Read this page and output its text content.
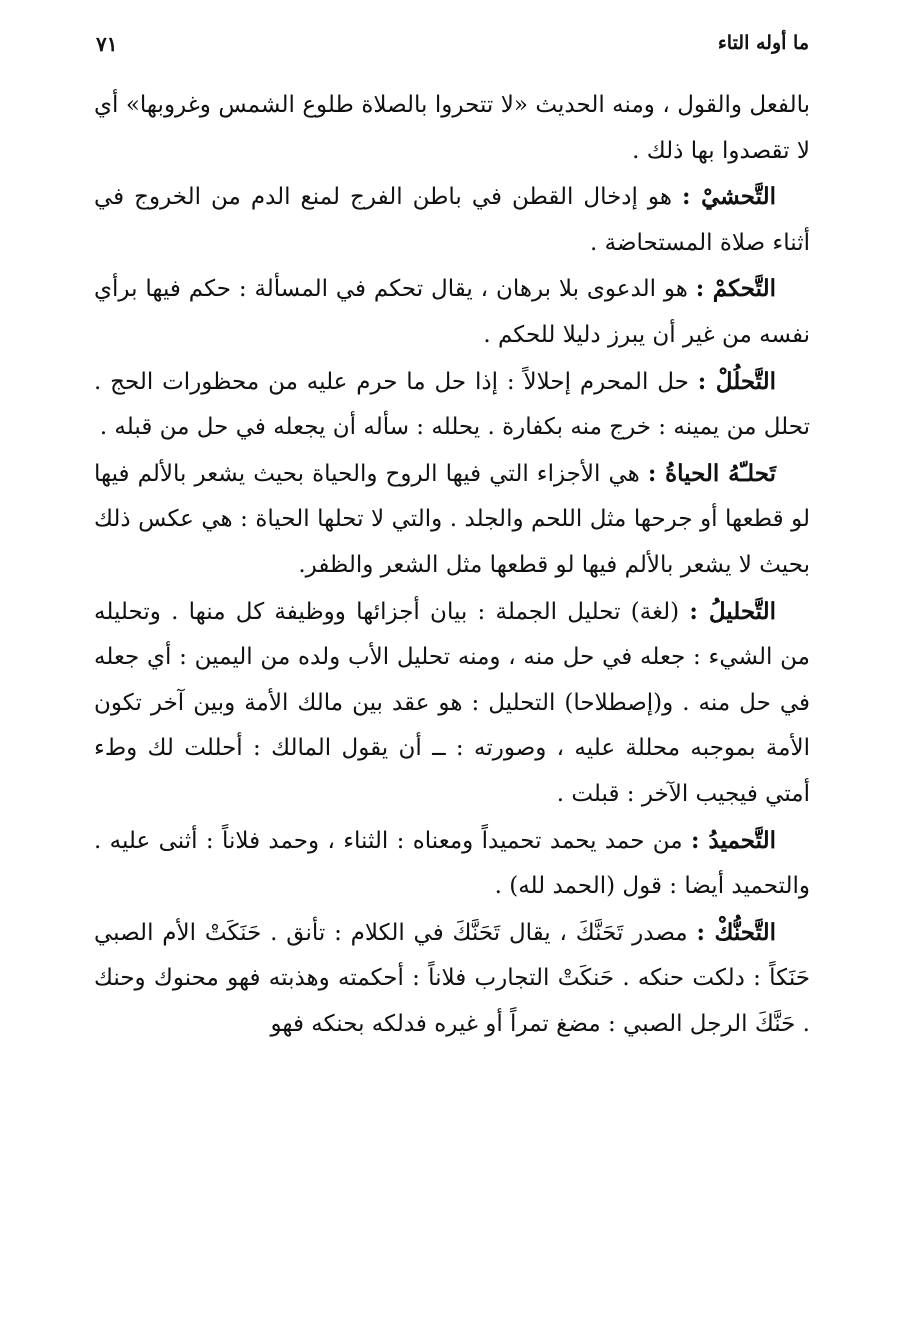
ما أوله التاء
٧١

بالفعل والقول ، ومنه الحديث «لا تتحروا بالصلاة طلوع الشمس وغروبها» أي لا تقصدوا بها ذلك .

التَّحشيْ : هو إدخال القطن في باطن الفرج لمنع الدم من الخروج في أثناء صلاة المستحاضة .

التَّحكمْ : هو الدعوى بلا برهان ، يقال تحكم في المسألة : حكم فيها برأي نفسه من غير أن يبرز دليلا للحكم .

التَّحلُلْ : حل المحرم إحلالاً : إذا حل ما حرم عليه من محظورات الحج . تحلل من يمينه : خرج منه بكفارة . يحلله : سأله أن يجعله في حل من قبله .

تَحلـّهُ الحياةُ : هي الأجزاء التي فيها الروح والحياة بحيث يشعر بالألم فيها لو قطعها أو جرحها مثل اللحم والجلد . والتي لا تحلها الحياة : هي عكس ذلك بحيث لا يشعر بالألم فيها لو قطعها مثل الشعر والظفر.

التَّحليلُ : (لغة) تحليل الجملة : بيان أجزائها ووظيفة كل منها . وتحليله من الشيء : جعله في حل منه ، ومنه تحليل الأب ولده من اليمين : أي جعله في حل منه . و(إصطلاحا) التحليل : هو عقد بين مالك الأمة وبين آخر تكون الأمة بموجبه محللة عليه ، وصورته : ــ أن يقول المالك : أحللت لك وطء أمتي فيجيب الآخر : قبلت .

التَّحميدُ : من حمد يحمد تحميداً ومعناه : الثناء ، وحمد فلاناً : أثنى عليه . والتحميد أيضا : قول (الحمد لله) .

التَّحنُّكْ : مصدر تَحَنَّكَ ، يقال تَحَنَّكَ في الكلام : تأنق . حَنَكَتْ الأم الصبي حَنَكاً : دلكت حنكه . حَنكَتْ التجارب فلاناً : أحكمته وهذبته فهو محنوك وحنك . حَنَّكَ الرجل الصبي : مضغ تمراً أو غيره فدلكه بحنكه فهو
